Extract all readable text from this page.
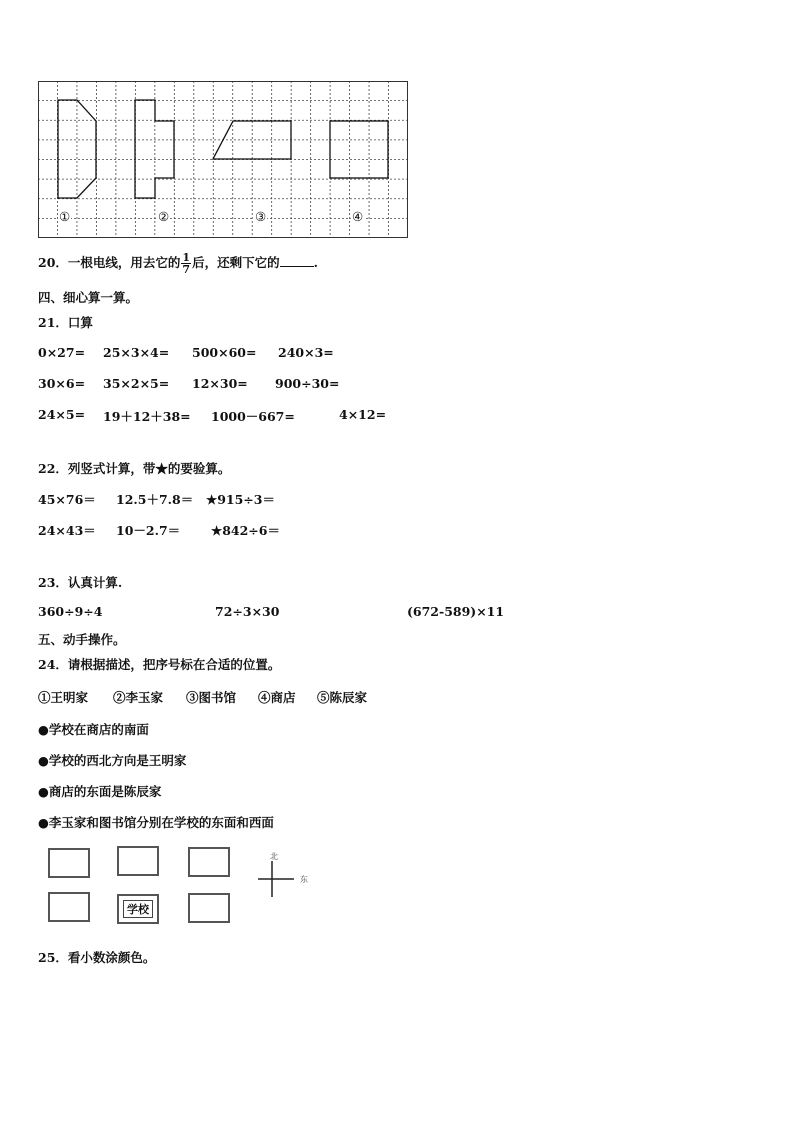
①	②	③	④
20．一根电线，用去它的 $\frac{1}{7}$ 后，还剩下它的	.
四、细心算一算。
21．口算
0×27= 25×3×4= 500×60= 240×3=
30×6= 35×2×5= 12×30= 900÷30=
24×5= 19＋12＋38= 1000－667=	4×12=
22．列竖式计算，带★的要验算。
45×76＝ 12.5＋7.8＝ ★915÷3＝
24×43＝ 10－2.7＝ ★842÷6＝
23．认真计算.
360÷9÷4	72÷3×30	(672-589)×11
五、动手操作。
24．请根据描述，把序号标在合适的位置。
①王明家 ②李玉家 ③图书馆 ④商店 ⑤陈辰家
●学校在商店的南面
●学校的西北方向是王明家
●商店的东面是陈辰家
●李玉家和图书馆分别在学校的东面和西面
学校
北
东
25．看小数涂颜色。
